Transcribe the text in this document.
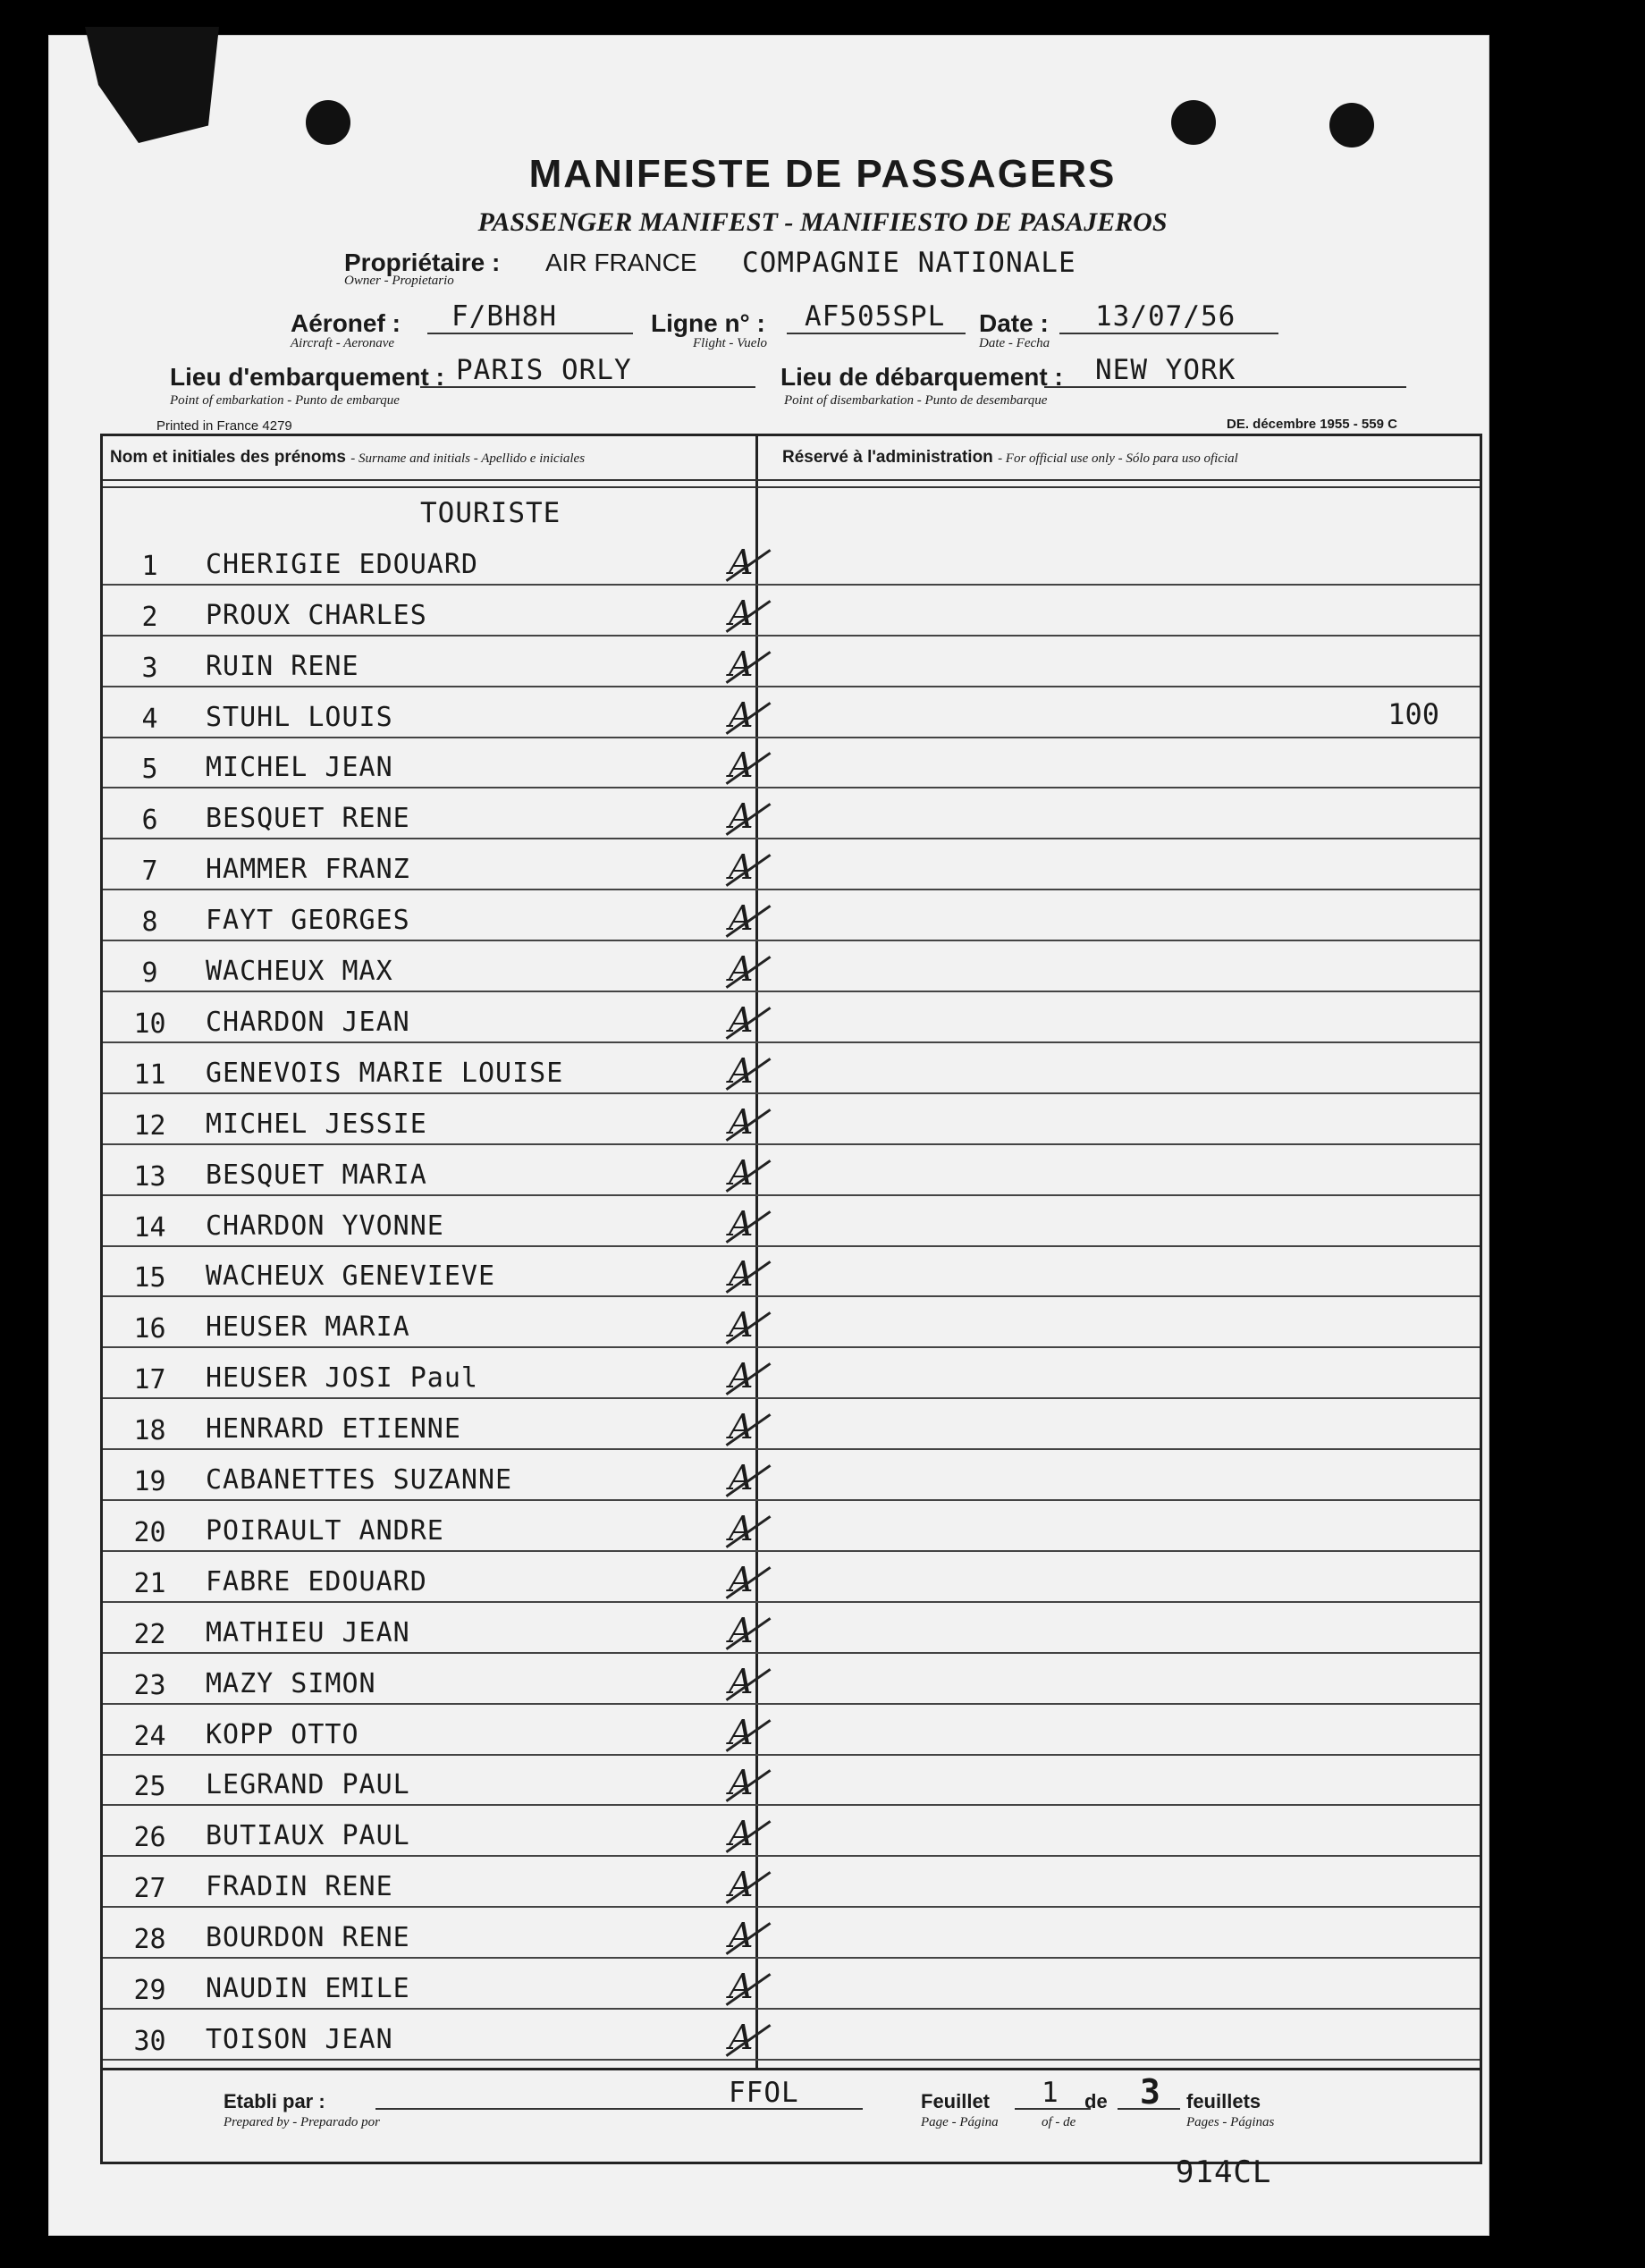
MANIFESTE DE PASSAGERS
PASSENGER MANIFEST - MANIFIESTO DE PASAJEROS
Propriétaire :
Owner - Propietario
AIR FRANCE COMPAGNIE NATIONALE
Aéronef :
Aircraft - Aeronave
F/BH8H	Ligne n° :
Flight - Vuelo
AF505SPL Date :
Date - Fecha
13/07/56
Lieu d'embarquement :
Point of embarkation - Punto de embarque
PARIS ORLY	Lieu de débarquement :
Point of disembarkation - Punto de desembarque
NEW YORK
Printed in France 4279	DE. décembre 1955 - 559 C
Nom et initiales des prénoms - Surname and initials - Apellido e iniciales	Réservé à l'administration - For official use only - Sólo para uso oficial
TOURISTE
1	CHERIGIE EDOUARD	A
2	PROUX CHARLES	A
3	RUIN RENE	A
4	STUHL LOUIS	A	100
5	MICHEL JEAN	A
6	BESQUET RENE	A
7	HAMMER FRANZ	A
8	FAYT GEORGES	A
9	WACHEUX MAX	A
10 CHARDON JEAN	A
11 GENEVOIS MARIE LOUISE	A
12 MICHEL JESSIE	A
13 BESQUET MARIA	A
14 CHARDON YVONNE	A
15 WACHEUX GENEVIEVE	A
16 HEUSER MARIA	A
17 HEUSER JOSI Paul	A
18 HENRARD ETIENNE	A
19 CABANETTES SUZANNE	A
20 POIRAULT ANDRE	A
21 FABRE EDOUARD	A
22 MATHIEU JEAN	A
23 MAZY SIMON	A
24 KOPP OTTO	A
25 LEGRAND PAUL	A
26 BUTIAUX PAUL	A
27 FRADIN RENE	A
28 BOURDON RENE	A
29 NAUDIN EMILE	A
30 TOISON JEAN	A
Etabli par :
Prepared by - Preparado por
FFOL	Feuillet
Page - Página
1 de
of - de
3 feuillets
Pages - Páginas
914CL
